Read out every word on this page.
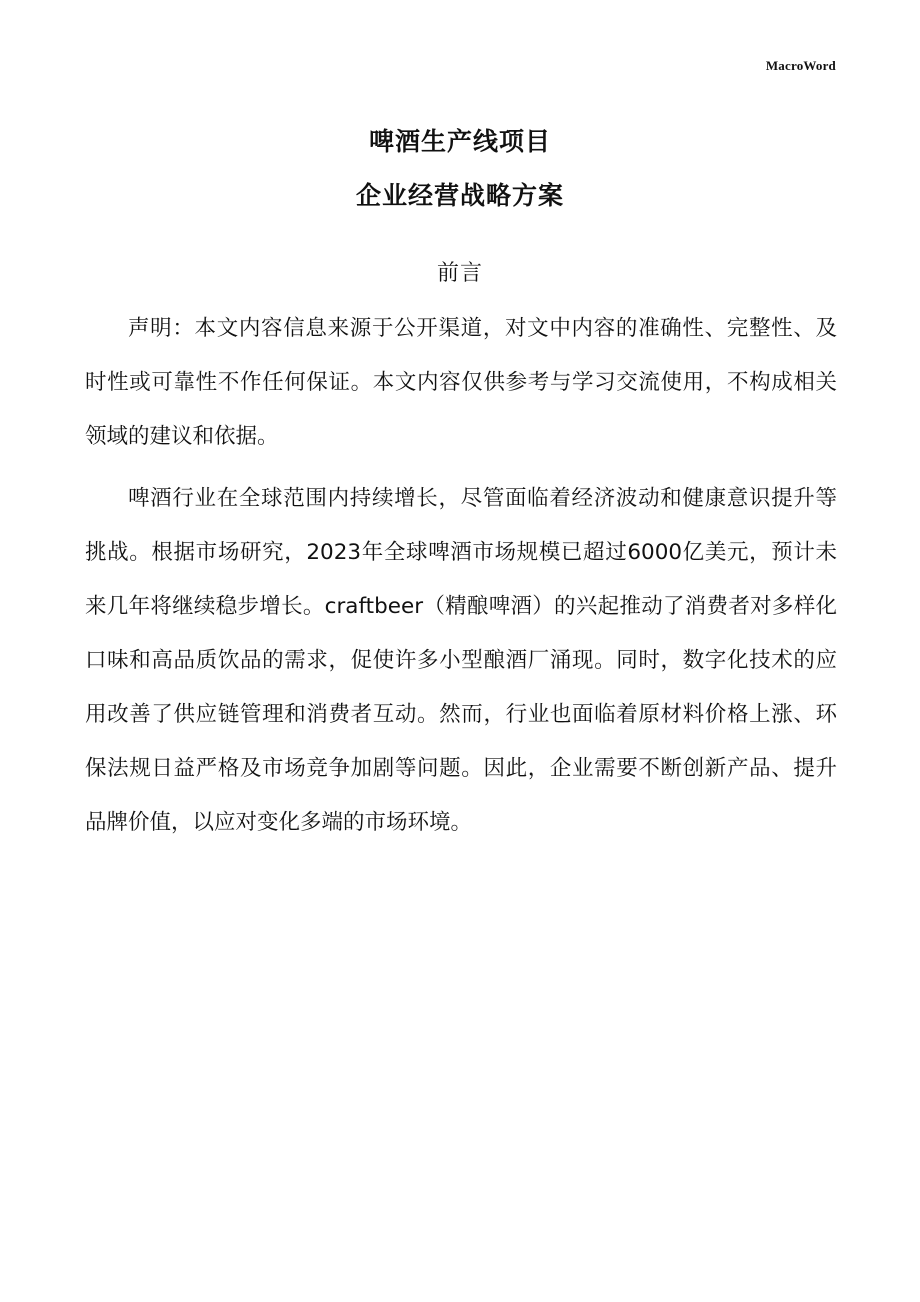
MacroWord
啤酒生产线项目
企业经营战略方案
前言

声明：本文内容信息来源于公开渠道，对文中内容的准确性、完整性、及时性或可靠性不作任何保证。本文内容仅供参考与学习交流使用，不构成相关领域的建议和依据。

啤酒行业在全球范围内持续增长，尽管面临着经济波动和健康意识提升等挑战。根据市场研究，2023年全球啤酒市场规模已超过6000亿美元，预计未来几年将继续稳步增长。craftbeer（精酿啤酒）的兴起推动了消费者对多样化口味和高品质饮品的需求，促使许多小型酿酒厂涌现。同时，数字化技术的应用改善了供应链管理和消费者互动。然而，行业也面临着原材料价格上涨、环保法规日益严格及市场竞争加剧等问题。因此，企业需要不断创新产品、提升品牌价值，以应对变化多端的市场环境。
